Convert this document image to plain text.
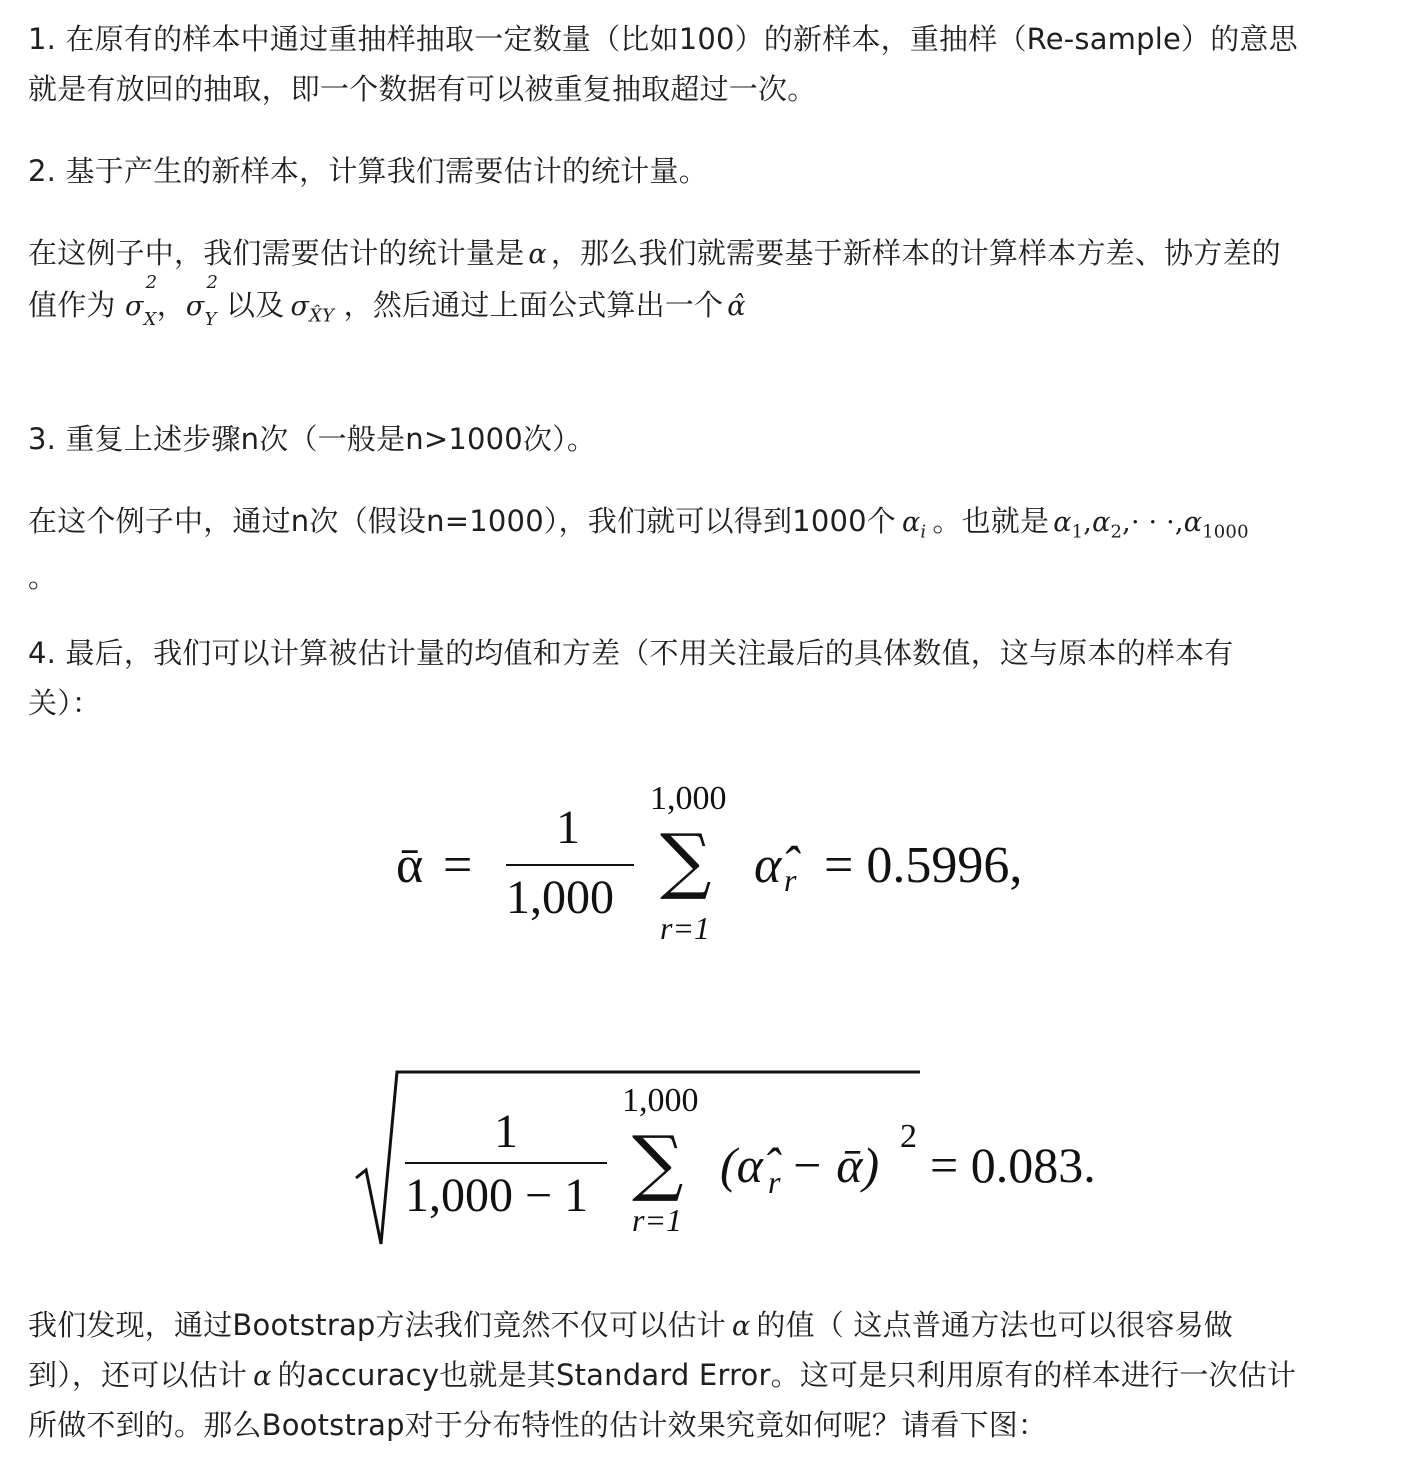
1. 在原有的样本中通过重抽样抽取一定数量（比如100）的新样本，重抽样（Re-sample）的意思
就是有放回的抽取，即一个数据有可以被重复抽取超过一次。
2. 基于产生的新样本，计算我们需要估计的统计量。
在这例子中，我们需要估计的统计量是 α ，那么我们就需要基于新样本的计算样本方差、协方差的
值作为 σ
2
$_X$，σ
2
$_Y$ 以及 $\sigma_{X̂Y}$ ，然后通过上面公式算出一个 α̂
3. 重复上述步骤n次（一般是n>1000次）。
在这个例子中，通过n次（假设n=1000），我们就可以得到1000个 $\alpha_i$ 。也就是 $\alpha_1,\alpha_2,\cdot \cdot \cdot,\alpha_{1000}$
。
4. 最后，我们可以计算被估计量的均值和方差（不用关注最后的具体数值，这与原本的样本有
关）：
ᾱ =
1
1,000
1,000
∑
r=1
α̂ r = 0.5996,
1
1,000 − 1
1,000
∑
r=1
(α̂ r − ᾱ)
2
= 0.083.
我们发现，通过Bootstrap方法我们竟然不仅可以估计 α 的值（ 这点普通方法也可以很容易做
到），还可以估计 α 的accuracy也就是其Standard Error。这可是只利用原有的样本进行一次估计
所做不到的。那么Bootstrap对于分布特性的估计效果究竟如何呢？请看下图：
